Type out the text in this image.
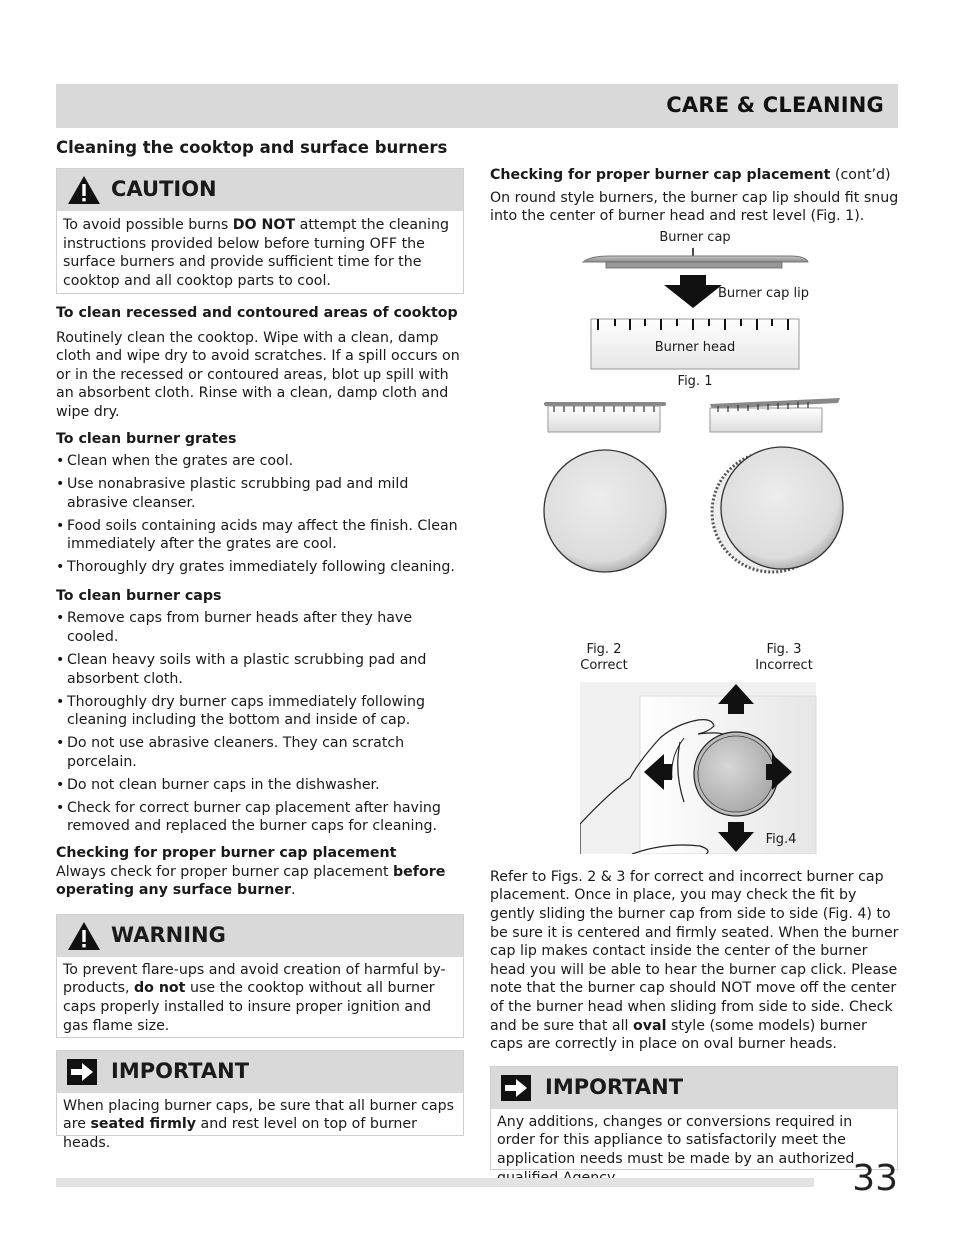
CARE & CLEANING
Cleaning the cooktop and surface burners
CAUTION
To avoid possible burns DO NOT attempt the cleaning instructions provided below before turning OFF the surface burners and provide sufficient time for the cooktop and all cooktop parts to cool.
To clean recessed and contoured areas of cooktop
Routinely clean the cooktop. Wipe with a clean, damp cloth and wipe dry to avoid scratches. If a spill occurs on or in the recessed or contoured areas, blot up spill with an absorbent cloth. Rinse with a clean, damp cloth and wipe dry.
To clean burner grates
• Clean when the grates are cool.
• Use nonabrasive plastic scrubbing pad and mild abrasive cleanser.
• Food soils containing acids may affect the finish. Clean immediately after the grates are cool.
• Thoroughly dry grates immediately following cleaning.
To clean burner caps
• Remove caps from burner heads after they have cooled.
• Clean heavy soils with a plastic scrubbing pad and absorbent cloth.
• Thoroughly dry burner caps immediately following cleaning including the bottom and inside of cap.
• Do not use abrasive cleaners. They can scratch porcelain.
• Do not clean burner caps in the dishwasher.
• Check for correct burner cap placement after having removed and replaced the burner caps for cleaning.
Checking for proper burner cap placement
Always check for proper burner cap placement before operating any surface burner.
WARNING
To prevent flare-ups and avoid creation of harmful by-products, do not use the cooktop without all burner caps properly installed to insure proper ignition and gas flame size.
IMPORTANT
When placing burner caps, be sure that all burner caps are seated firmly and rest level on top of burner heads.
Checking for proper burner cap placement (cont’d)
On round style burners, the burner cap lip should fit snug into the center of burner head and rest level (Fig. 1).
Burner cap
Burner cap lip
Burner head
Fig. 1
Fig. 2
Correct
Fig. 3
Incorrect
Fig.4
Refer to Figs. 2 & 3 for correct and incorrect burner cap placement. Once in place, you may check the fit by gently sliding the burner cap from side to side (Fig. 4) to be sure it is centered and firmly seated. When the burner cap lip makes contact inside the center of the burner head you will be able to hear the burner cap click. Please note that the burner cap should NOT move off the center of the burner head when sliding from side to side. Check and be sure that all oval style (some models) burner caps are correctly in place on oval burner heads.
IMPORTANT
Any additions, changes or conversions required in order for this appliance to satisfactorily meet the application needs must be made by an authorized
33
